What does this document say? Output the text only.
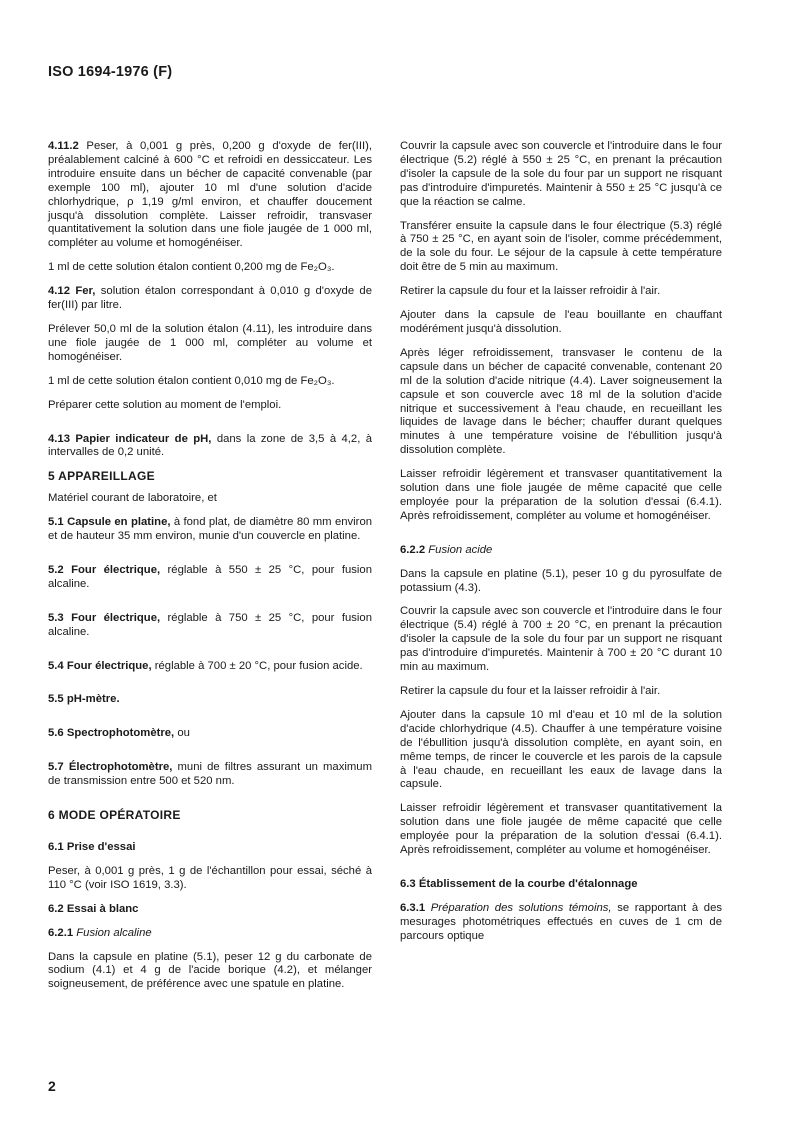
ISO 1694-1976 (F)

4.11.2 Peser, à 0,001 g près, 0,200 g d'oxyde de fer(III), préalablement calciné à 600 °C et refroidi en dessiccateur. Les introduire ensuite dans un bécher de capacité convenable (par exemple 100 ml), ajouter 10 ml d'une solution d'acide chlorhydrique, ρ 1,19 g/ml environ, et chauffer doucement jusqu'à dissolution complète. Laisser refroidir, transvaser quantitativement la solution dans une fiole jaugée de 1 000 ml, compléter au volume et homogénéiser.

1 ml de cette solution étalon contient 0,200 mg de Fe₂O₃.

4.12 Fer, solution étalon correspondant à 0,010 g d'oxyde de fer(III) par litre.

Prélever 50,0 ml de la solution étalon (4.11), les introduire dans une fiole jaugée de 1 000 ml, compléter au volume et homogénéiser.

1 ml de cette solution étalon contient 0,010 mg de Fe₂O₃.

Préparer cette solution au moment de l'emploi.

4.13 Papier indicateur de pH, dans la zone de 3,5 à 4,2, à intervalles de 0,2 unité.

5 APPAREILLAGE

Matériel courant de laboratoire, et

5.1 Capsule en platine, à fond plat, de diamètre 80 mm environ et de hauteur 35 mm environ, munie d'un couvercle en platine.

5.2 Four électrique, réglable à 550 ± 25 °C, pour fusion alcaline.

5.3 Four électrique, réglable à 750 ± 25 °C, pour fusion alcaline.

5.4 Four électrique, réglable à 700 ± 20 °C, pour fusion acide.

5.5 pH-mètre.

5.6 Spectrophotomètre, ou

5.7 Électrophotomètre, muni de filtres assurant un maximum de transmission entre 500 et 520 nm.

6 MODE OPÉRATOIRE

6.1 Prise d'essai

Peser, à 0,001 g près, 1 g de l'échantillon pour essai, séché à 110 °C (voir ISO 1619, 3.3).

6.2 Essai à blanc

6.2.1 Fusion alcaline

Dans la capsule en platine (5.1), peser 12 g du carbonate de sodium (4.1) et 4 g de l'acide borique (4.2), et mélanger soigneusement, de préférence avec une spatule en platine.

Couvrir la capsule avec son couvercle et l'introduire dans le four électrique (5.2) réglé à 550 ± 25 °C, en prenant la précaution d'isoler la capsule de la sole du four par un support ne risquant pas d'introduire d'impuretés. Maintenir à 550 ± 25 °C jusqu'à ce que la réaction se calme.

Transférer ensuite la capsule dans le four électrique (5.3) réglé à 750 ± 25 °C, en ayant soin de l'isoler, comme précédemment, de la sole du four. Le séjour de la capsule à cette température doit être de 5 min au maximum.

Retirer la capsule du four et la laisser refroidir à l'air.

Ajouter dans la capsule de l'eau bouillante en chauffant modérément jusqu'à dissolution.

Après léger refroidissement, transvaser le contenu de la capsule dans un bécher de capacité convenable, contenant 20 ml de la solution d'acide nitrique (4.4). Laver soigneusement la capsule et son couvercle avec 18 ml de la solution d'acide nitrique et successivement à l'eau chaude, en recueillant les liquides de lavage dans le bécher; chauffer durant quelques minutes à une température voisine de l'ébullition jusqu'à dissolution complète.

Laisser refroidir légèrement et transvaser quantitativement la solution dans une fiole jaugée de même capacité que celle employée pour la préparation de la solution d'essai (6.4.1). Après refroidissement, compléter au volume et homogénéiser.

6.2.2 Fusion acide

Dans la capsule en platine (5.1), peser 10 g du pyrosulfate de potassium (4.3).

Couvrir la capsule avec son couvercle et l'introduire dans le four électrique (5.4) réglé à 700 ± 20 °C, en prenant la précaution d'isoler la capsule de la sole du four par un support ne risquant pas d'introduire d'impuretés. Maintenir à 700 ± 20 °C durant 10 min au maximum.

Retirer la capsule du four et la laisser refroidir à l'air.

Ajouter dans la capsule 10 ml d'eau et 10 ml de la solution d'acide chlorhydrique (4.5). Chauffer à une température voisine de l'ébullition jusqu'à dissolution complète, en ayant soin, en même temps, de rincer le couvercle et les parois de la capsule à l'eau chaude, en recueillant les eaux de lavage dans la capsule.

Laisser refroidir légèrement et transvaser quantitativement la solution dans une fiole jaugée de même capacité que celle employée pour la préparation de la solution d'essai (6.4.1). Après refroidissement, compléter au volume et homogénéiser.

6.3 Établissement de la courbe d'étalonnage

6.3.1 Préparation des solutions témoins, se rapportant à des mesurages photométriques effectués en cuves de 1 cm de parcours optique

2
